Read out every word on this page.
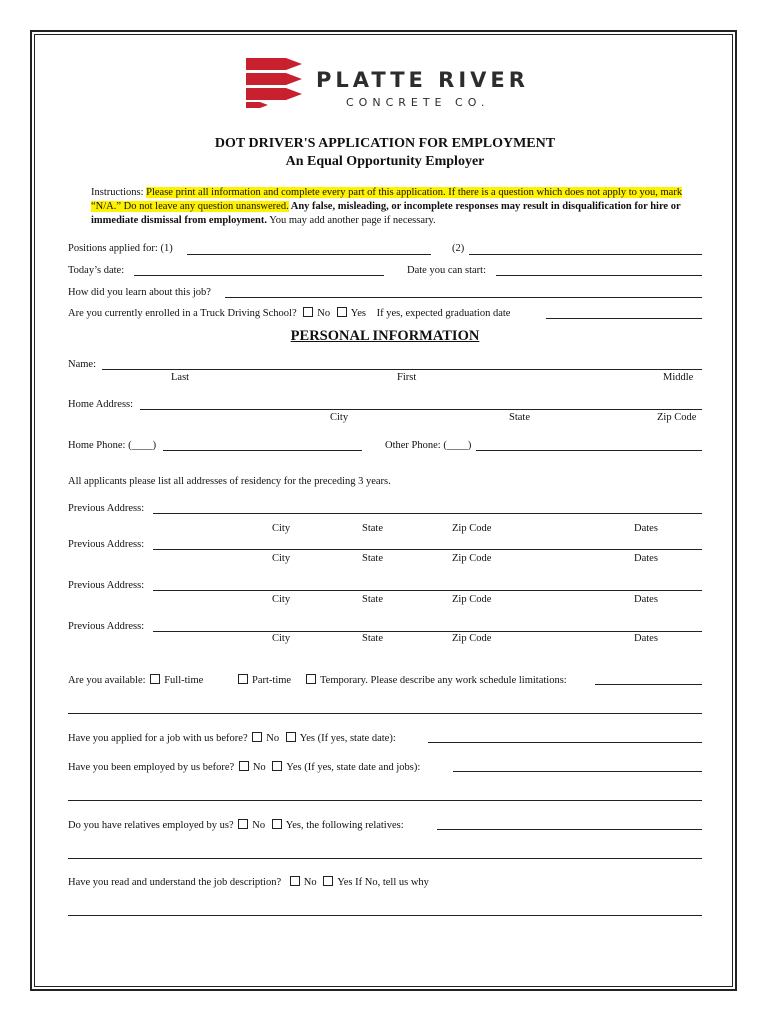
PLATTE RIVER
CONCRETE CO.
DOT DRIVER'S APPLICATION FOR EMPLOYMENT
An Equal Opportunity Employer
Instructions: Please print all information and complete every part of this application. If there is a question which does not apply to you, mark “N/A.” Do not leave any question unanswered. Any false, misleading, or incomplete responses may result in disqualification for hire or immediate dismissal from employment. You may add another page if necessary.
Positions applied for: (1)	(2)
Today’s date:	Date you can start:
How did you learn about this job?
Are you currently enrolled in a Truck Driving School? No Yes If yes, expected graduation date
PERSONAL INFORMATION
Name:
Last	First	Middle
Home Address:
City	State	Zip Code
Home Phone: (____)	Other Phone: (____)
All applicants please list all addresses of residency for the preceding 3 years.
Previous Address:
City	State	Zip Code	Dates
Previous Address:
City	State	Zip Code	Dates
Previous Address:
City	State	Zip Code	Dates
Previous Address:
City	State	Zip Code	Dates
Are you available: Full-time	Part-time	Temporary. Please describe any work schedule limitations:
Have you applied for a job with us before? No Yes (If yes, state date):
Have you been employed by us before? No Yes (If yes, state date and jobs):
Do you have relatives employed by us? No Yes, the following relatives:
Have you read and understand the job description? No Yes If No, tell us why
